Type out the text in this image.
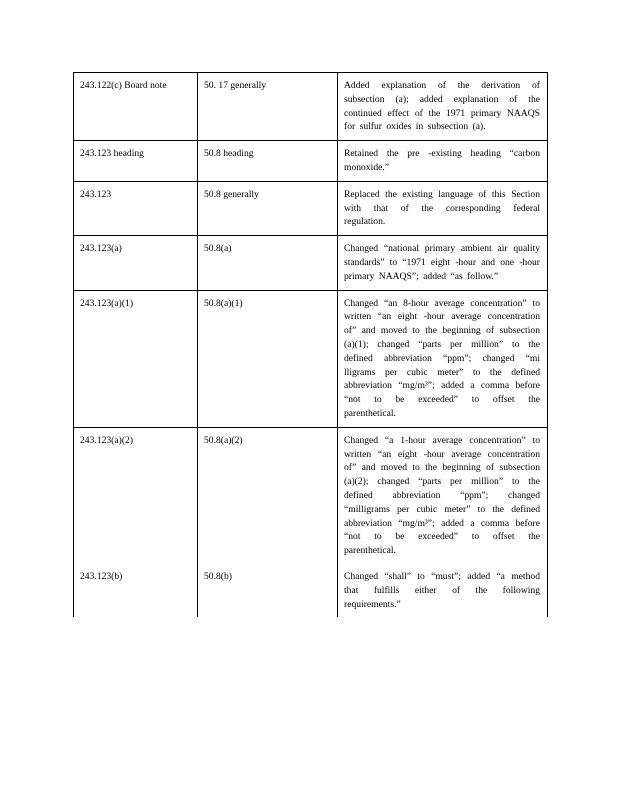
243.122(c) Board note	50. 17 generally	Added explanation of the derivation of subsection (a); added explanation of the continued effect of the 1971 primary NAAQS for sulfur oxides in subsection (a).
243.123 heading	50.8 heading	Retained the pre -existing heading “carbon monoxide.”
243.123	50.8 generally	Replaced the existing language of this Section with that of the corresponding federal regulation.
243.123(a)	50.8(a)	Changed “national primary ambient air quality standards” to “1971 eight -hour and one -hour primary NAAQS”; added “as follow.”
243.123(a)(1)	50.8(a)(1)	Changed “an 8-hour average concentration” to written “an eight -hour average concentration of” and moved to the beginning of subsection (a)(1); changed “parts per million” to the defined abbreviation “ppm”; changed “mi lligrams per cubic meter” to the defined abbreviation “mg/m³”; added a comma before “not to be exceeded” to offset the parenthetical.
243.123(a)(2)	50.8(a)(2)	Changed “a 1-hour average concentration” to written “an eight -hour average concentration of” and moved to the beginning of subsection (a)(2); changed “parts per million” to the defined abbreviation “ppm”; changed “milligrams per cubic meter” to the defined abbreviation “mg/m³”; added a comma before “not to be exceeded” to offset the parenthetical.
243.123(b)	50.8(b)	Changed “shall” to “must”; added “a method that fulfills either of the following requirements.”
